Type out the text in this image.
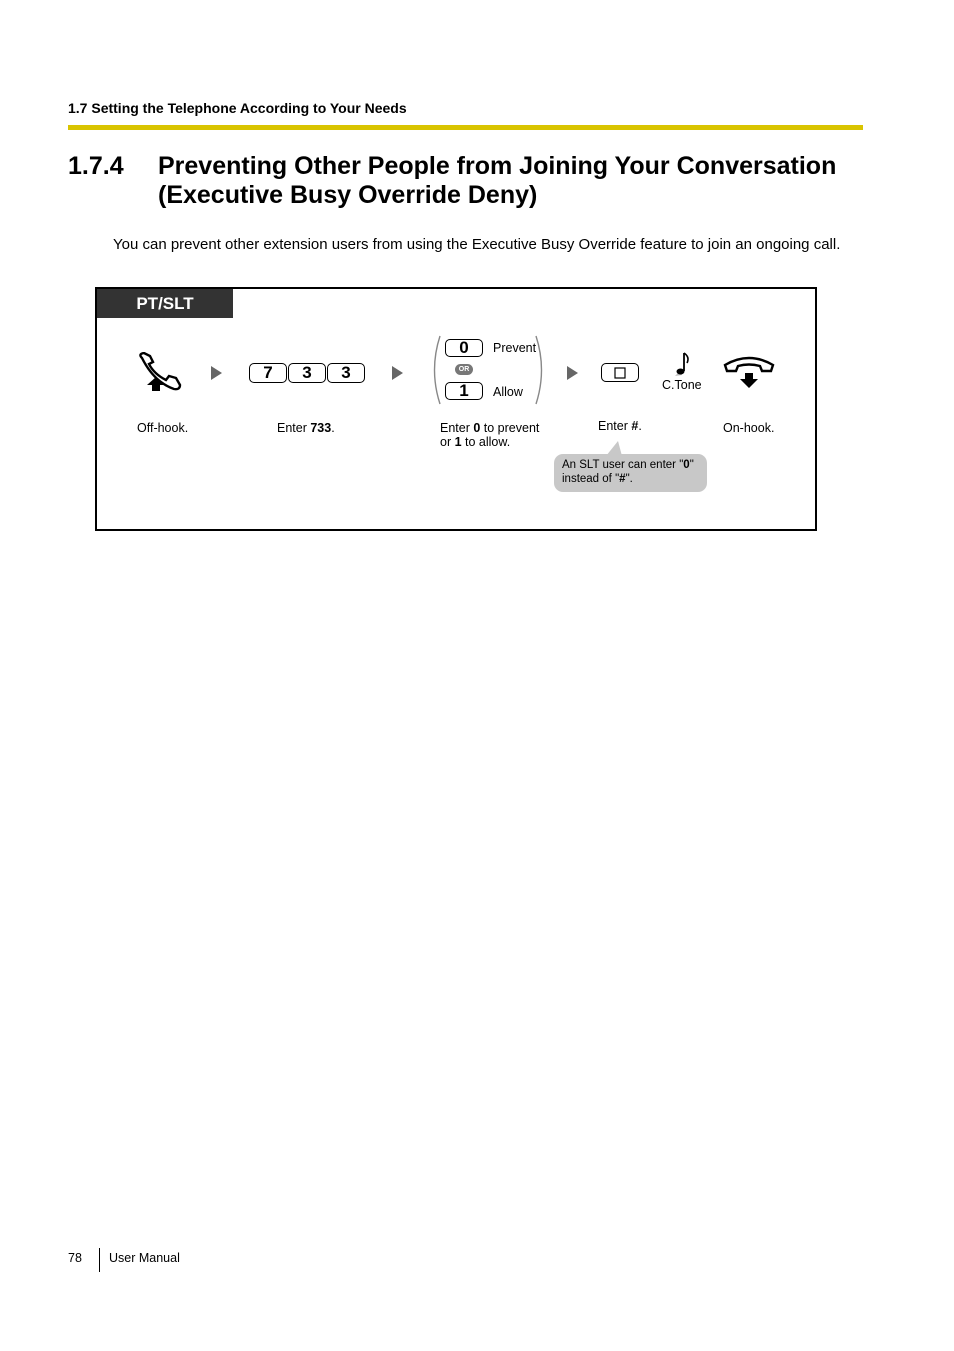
1.7 Setting the Telephone According to Your Needs
1.7.4 Preventing Other People from Joining Your Conversation
(Executive Busy Override Deny)
You can prevent other extension users from using the Executive Busy Override feature to join an ongoing call.
PT/SLT
7	3	3
0	Prevent
OR
1	Allow	C.Tone
Off-hook.	Enter 733.	Enter 0 to prevent
or 1 to allow.
Enter #.	On-hook.
An SLT user can enter "0"
instead of "#".
78 User Manual
